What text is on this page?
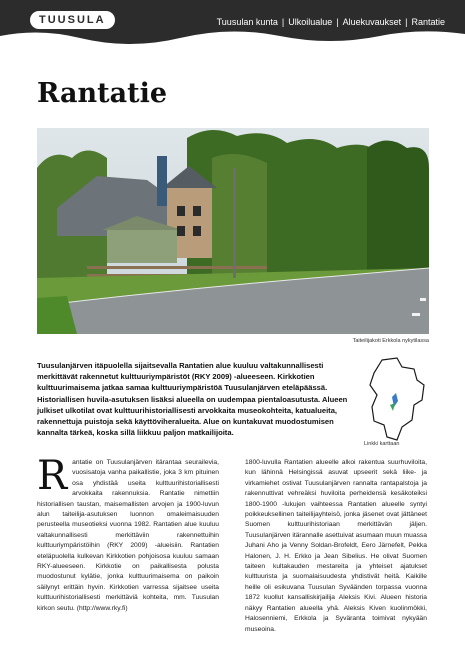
TUUSULA	Tuusulan kunta | Ulkoilualue | Aluekuvaukset | Rantatie
Rantatie
Taiteilijakoti Erkkola nykytilassa

Tuusulanjärven itäpuolella sijaitsevalla Rantatien alue kuuluu valtakunnallisesti merkittävät rakennetut kulttuuriympäristöt (RKY 2009) -alueeseen. Kirkkotien kulttuurimaisema jatkaa samaa kulttuuriympäristöä Tuusulanjärven eteläpäässä. Historiallisen huvila-asutuksen lisäksi alueella on uudempaa pientaloasutusta. Alueen julkiset ulkotilat ovat kulttuurihistoriallisesti arvokkaita museokohteita, katualueita, rakennettuja puistoja sekä käyttöviheralueita. Alue on kuntakuvat muodostumisen kannalta tärkeä, koska sillä liikkuu paljon matkailijoita.

Linkki karttaan

Rantatie on Tuusulanjärven itärantaa seurailevia, vuosisatoja vanha paikallistie, joka 3 km pituinen osa yhdistää useita kulttuurihistoriallisesti arvokkaita rakennuksia. Rantatie nimettiin historiallisen taustan, maisemallisten arvojen ja 1900-luvun alun taiteilija-asutuksen luonnon omaleimaisuuden perusteella museotieksi vuonna 1982. Rantatien alue kuuluu valtakunnallisesti merkittäviin rakennettuihin kulttuuriympäristöihin (RKY 2009) -alueisiin. Rantatien eteläpuolella kulkevan Kirkkotien pohjoisosa kuuluu samaan RKY-alueeseen. Kirkkotie on paikallisesta polusta muodostunut kylätie, jonka kulttuurimaisema on paikoin säilynyt erittäin hyvin. Kirkkotien varressa sijaitsee useita kulttuurihistoriallisesti merkittäviä kohteita, mm. Tuusulan kirkon seutu. (http://www.rky.fi)

1800-luvulla Rantatien alueelle alkoi rakentua suurhuviloita, kun lähinnä Helsingissä asuvat upseerit sekä liike- ja virkamiehet ostivat Tuusulanjärven rannalta rantapalstoja ja rakennuttivat vehreäksi huviloita perheidensä kesäkoteiksi 1800-1900 -lukujen vaihteessa Rantatien alueelle syntyi poikkeuksellinen taiteilijayhteisö, jonka jäsenet ovat jättäneet Suomen kulttuurihistoriaan merkittävän jäljen. Tuusulanjärven itärannalle asettuivat asumaan muun muassa Juhani Aho ja Venny Soldan-Brofeldt, Eero Järnefelt, Pekka Halonen, J. H. Erkko ja Jean Sibelius. He olivat Suomen taiteen kultakauden mestareita ja yhteiset ajatukset kulttuurista ja suomalaisuudesta yhdistivät heitä. Kaikille heille oli esikuvana Tuusulan Syväänden torpassa vuonna 1872 kuollut kansalliskirjailija Aleksis Kivi. Alueen historia näkyy Rantatien alueella yhä. Aleksis Kiven kuolinmökki, Halosenniemi, Erkkola ja Syväranta toimivat nykyään museoina.
